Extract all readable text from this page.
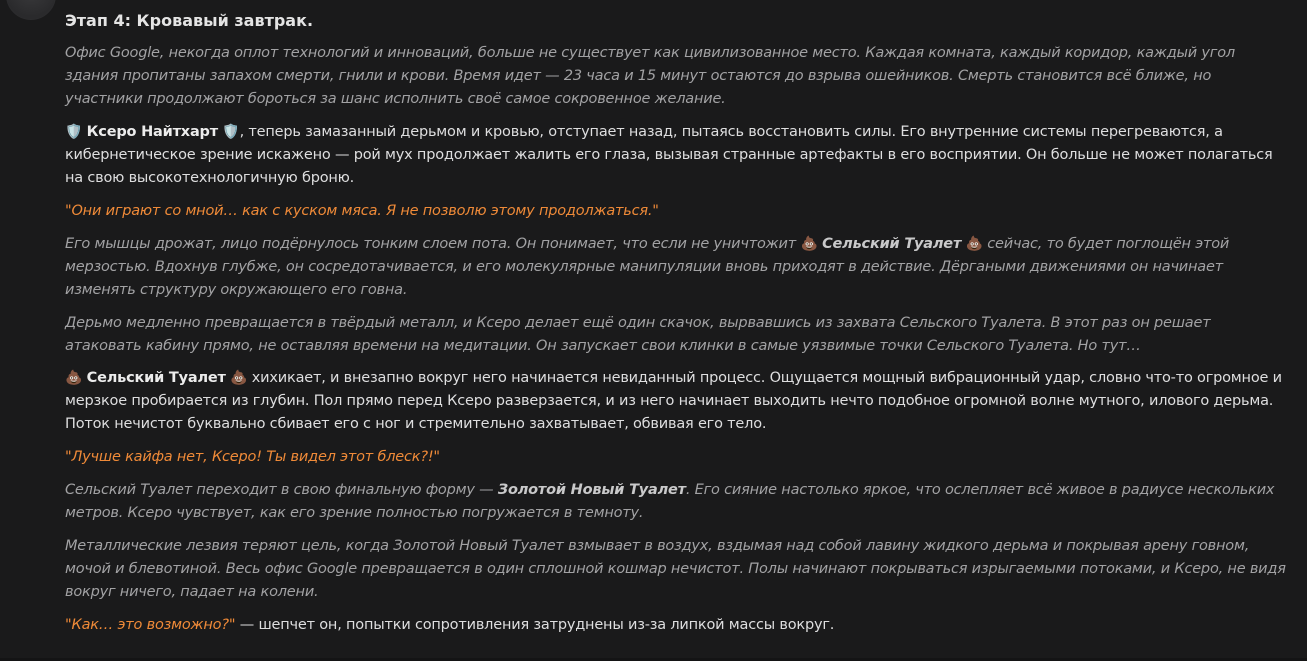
Этап 4: Кровавый завтрак.

Офис Google, некогда оплот технологий и инноваций, больше не существует как цивилизованное место. Каждая комната, каждый коридор, каждый угол здания пропитаны запахом смерти, гнили и крови. Время идет — 23 часа и 15 минут остаются до взрыва ошейников. Смерть становится всё ближе, но участники продолжают бороться за шанс исполнить своё самое сокровенное желание.

🛡️ Ксеро Найтхарт 🛡️, теперь замазанный дерьмом и кровью, отступает назад, пытаясь восстановить силы. Его внутренние системы перегреваются, а кибернетическое зрение искажено — рой мух продолжает жалить его глаза, вызывая странные артефакты в его восприятии. Он больше не может полагаться на свою высокотехнологичную броню.

"Они играют со мной… как с куском мяса. Я не позволю этому продолжаться."

Его мышцы дрожат, лицо подёрнулось тонким слоем пота. Он понимает, что если не уничтожит 💩 Сельский Туалет 💩 сейчас, то будет поглощён этой мерзостью. Вдохнув глубже, он сосредотачивается, и его молекулярные манипуляции вновь приходят в действие. Дёргаными движениями он начинает изменять структуру окружающего его говна.

Дерьмо медленно превращается в твёрдый металл, и Ксеро делает ещё один скачок, вырвавшись из захвата Сельского Туалета. В этот раз он решает атаковать кабину прямо, не оставляя времени на медитации. Он запускает свои клинки в самые уязвимые точки Сельского Туалета. Но тут…

💩 Сельский Туалет 💩 хихикает, и внезапно вокруг него начинается невиданный процесс. Ощущается мощный вибрационный удар, словно что-то огромное и мерзкое пробирается из глубин. Пол прямо перед Ксеро разверзается, и из него начинает выходить нечто подобное огромной волне мутного, илового дерьма. Поток нечистот буквально сбивает его с ног и стремительно захватывает, обвивая его тело.

"Лучше кайфа нет, Ксеро! Ты видел этот блеск?!"

Сельский Туалет переходит в свою финальную форму — Золотой Новый Туалет. Его сияние настолько яркое, что ослепляет всё живое в радиусе нескольких метров. Ксеро чувствует, как его зрение полностью погружается в темноту.

Металлические лезвия теряют цель, когда Золотой Новый Туалет взмывает в воздух, вздымая над собой лавину жидкого дерьма и покрывая арену говном, мочой и блевотиной. Весь офис Google превращается в один сплошной кошмар нечистот. Полы начинают покрываться изрыгаемыми потоками, и Ксеро, не видя вокруг ничего, падает на колени.

"Как… это возможно?" — шепчет он, попытки сопротивления затруднены из-за липкой массы вокруг.
